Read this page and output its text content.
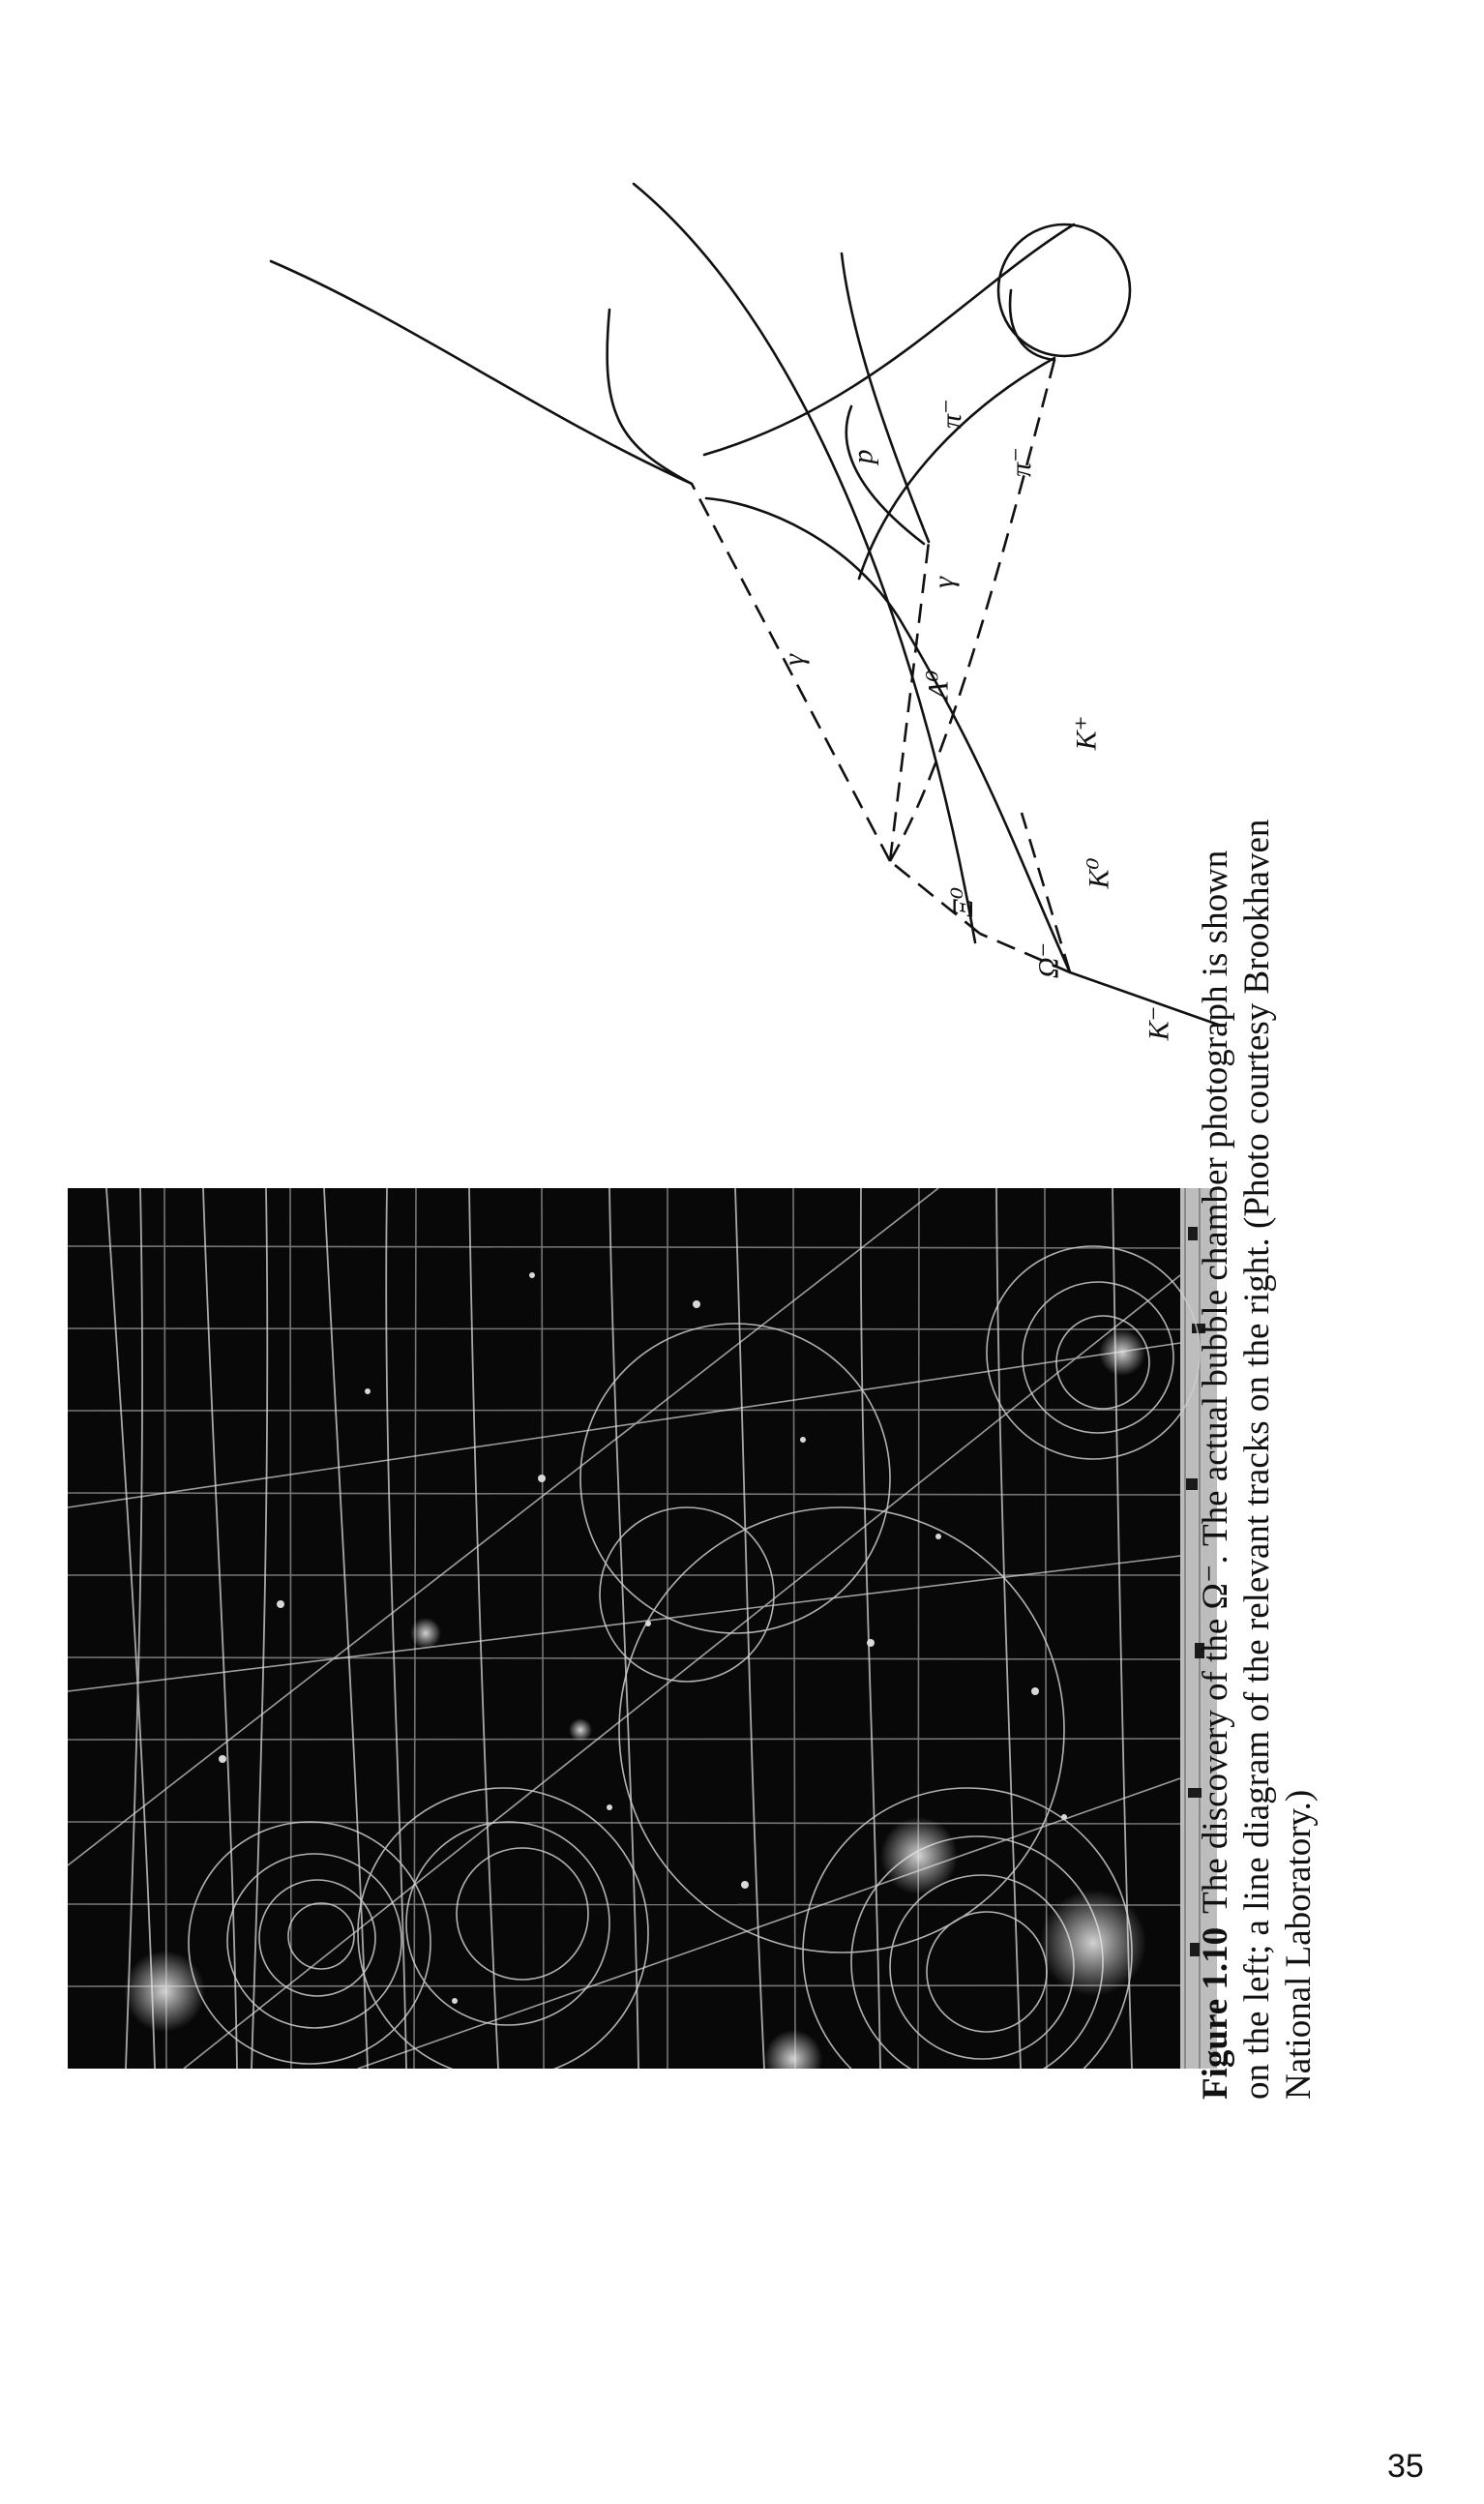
K⁻
Ω⁻
K⁰
Ξ⁰
K⁺
Λ⁰
γ
π⁻
p
γ
π⁻
Figure 1.10The discovery of the Ω⁻. The actual bubble chamber photograph is shown on the left; a line diagram of the relevant tracks on the right. (Photo courtesy Brookhaven National Laboratory.)
35
